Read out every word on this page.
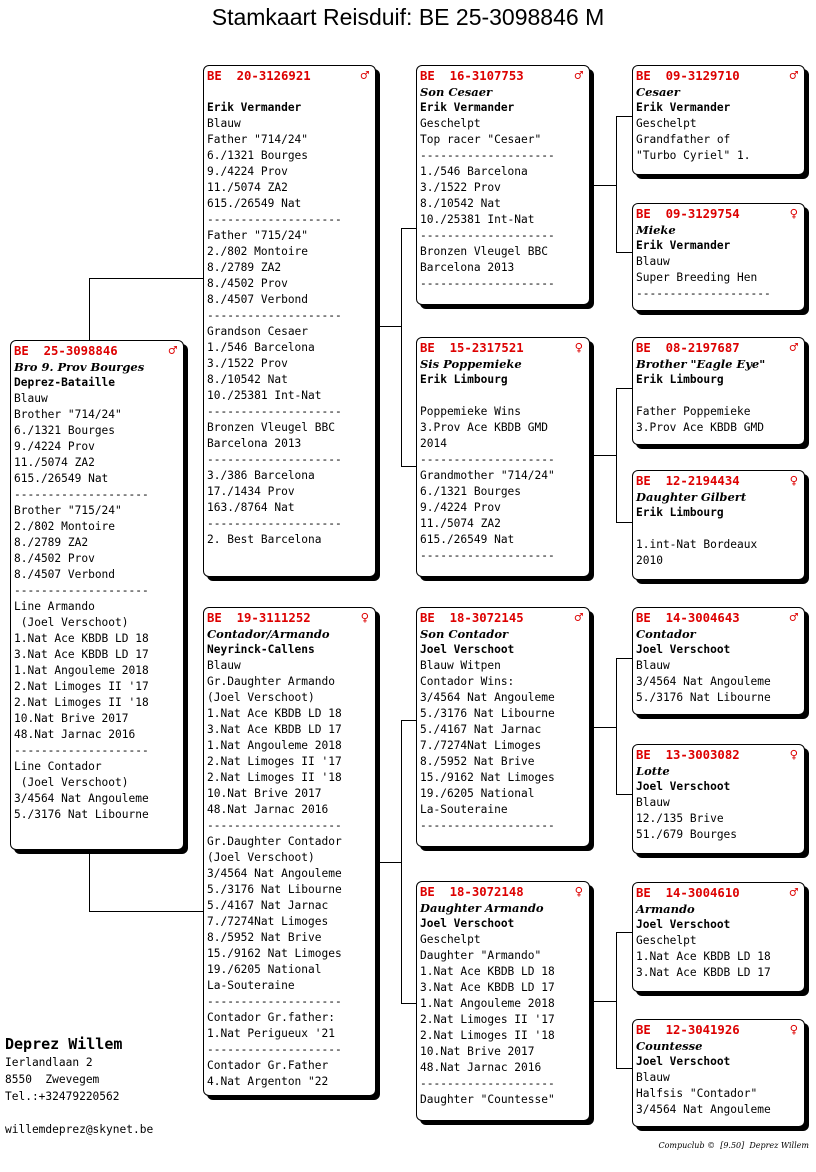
Stamkaart Reisduif: BE 25-3098846 M
BE  25-3098846	♂
Bro 9. Prov Bourges
Deprez-Bataille
Blauw
Brother "714/24"
6./1321 Bourges
9./4224 Prov
11./5074 ZA2
615./26549 Nat
--------------------
Brother "715/24"
2./802 Montoire
8./2789 ZA2
8./4502 Prov
8./4507 Verbond
--------------------
Line Armando
(Joel Verschoot)
1.Nat Ace KBDB LD 18
3.Nat Ace KBDB LD 17
1.Nat Angouleme 2018
2.Nat Limoges II '17
2.Nat Limoges II '18
10.Nat Brive 2017
48.Nat Jarnac 2016
--------------------
Line Contador
(Joel Verschoot)
3/4564 Nat Angouleme
5./3176 Nat Libourne
BE  20-3126921	♂
Erik Vermander
Blauw
Father "714/24"
6./1321 Bourges
9./4224 Prov
11./5074 ZA2
615./26549 Nat
--------------------
Father "715/24"
2./802 Montoire
8./2789 ZA2
8./4502 Prov
8./4507 Verbond
--------------------
Grandson Cesaer
1./546 Barcelona
3./1522 Prov
8./10542 Nat
10./25381 Int-Nat
--------------------
Bronzen Vleugel BBC
Barcelona 2013
--------------------
3./386 Barcelona
17./1434 Prov
163./8764 Nat
--------------------
2. Best Barcelona
BE  19-3111252	♀
Contador/Armando
Neyrinck-Callens
Blauw
Gr.Daughter Armando
(Joel Verschoot)
1.Nat Ace KBDB LD 18
3.Nat Ace KBDB LD 17
1.Nat Angouleme 2018
2.Nat Limoges II '17
2.Nat Limoges II '18
10.Nat Brive 2017
48.Nat Jarnac 2016
--------------------
Gr.Daughter Contador
(Joel Verschoot)
3/4564 Nat Angouleme
5./3176 Nat Libourne
5./4167 Nat Jarnac
7./7274Nat Limoges
8./5952 Nat Brive
15./9162 Nat Limoges
19./6205 National
La-Souteraine
--------------------
Contador Gr.father:
1.Nat Perigueux '21
--------------------
Contador Gr.Father
4.Nat Argenton "22
BE  16-3107753	♂
Son Cesaer
Erik Vermander
Geschelpt
Top racer "Cesaer"
--------------------
1./546 Barcelona
3./1522 Prov
8./10542 Nat
10./25381 Int-Nat
--------------------
Bronzen Vleugel BBC
Barcelona 2013
--------------------
BE  15-2317521	♀
Sis Poppemieke
Erik Limbourg
Poppemieke Wins
3.Prov Ace KBDB GMD
2014
--------------------
Grandmother "714/24"
6./1321 Bourges
9./4224 Prov
11./5074 ZA2
615./26549 Nat
--------------------
BE  18-3072145	♂
Son Contador
Joel Verschoot
Blauw Witpen
Contador Wins:
3/4564 Nat Angouleme
5./3176 Nat Libourne
5./4167 Nat Jarnac
7./7274Nat Limoges
8./5952 Nat Brive
15./9162 Nat Limoges
19./6205 National
La-Souteraine
--------------------
BE  18-3072148	♀
Daughter Armando
Joel Verschoot
Geschelpt
Daughter "Armando"
1.Nat Ace KBDB LD 18
3.Nat Ace KBDB LD 17
1.Nat Angouleme 2018
2.Nat Limoges II '17
2.Nat Limoges II '18
10.Nat Brive 2017
48.Nat Jarnac 2016
--------------------
Daughter "Countesse"
BE  09-3129710	♂
Cesaer
Erik Vermander
Geschelpt
Grandfather of
"Turbo Cyriel" 1.
BE  09-3129754	♀
Mieke
Erik Vermander
Blauw
Super Breeding Hen
--------------------
BE  08-2197687	♂
Brother "Eagle Eye"
Erik Limbourg
Father Poppemieke
3.Prov Ace KBDB GMD
BE  12-2194434	♀
Daughter Gilbert
Erik Limbourg
1.int-Nat Bordeaux
2010
BE  14-3004643	♂
Contador
Joel Verschoot
Blauw
3/4564 Nat Angouleme
5./3176 Nat Libourne
BE  13-3003082	♀
Lotte
Joel Verschoot
Blauw
12./135 Brive
51./679 Bourges
BE  14-3004610	♂
Armando
Joel Verschoot
Geschelpt
1.Nat Ace KBDB LD 18
3.Nat Ace KBDB LD 17
BE  12-3041926	♀
Countesse
Joel Verschoot
Blauw
Halfsis "Contador"
3/4564 Nat Angouleme
Deprez Willem
Ierlandlaan 2
8550  Zwevegem
Tel.:+32479220562
willemdeprez@skynet.be
Compuclub ©  [9.50]  Deprez Willem
